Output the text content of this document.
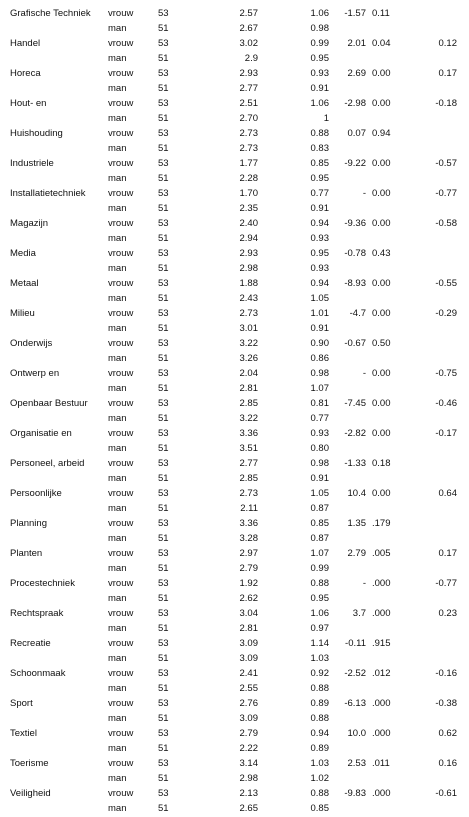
Grafische Techniek	vrouw	53	2.57	1.06	-1.57 0.11
man	51	2.67	0.98
Handel	vrouw	53	3.02	0.99	2.01 0.04	0.12
man	51	2.9	0.95
Horeca	vrouw	53	2.93	0.93	2.69 0.00	0.17
man	51	2.77	0.91
Hout- en	vrouw	53	2.51	1.06	-2.98 0.00	-0.18
man	51	2.70	1
Huishouding	vrouw	53	2.73	0.88	0.07 0.94
man	51	2.73	0.83
Industriele	vrouw	53	1.77	0.85	-9.22 0.00	-0.57
man	51	2.28	0.95
Installatietechniek	vrouw	53	1.70	0.77	- 0.00	-0.77
man	51	2.35	0.91
Magazijn	vrouw	53	2.40	0.94	-9.36 0.00	-0.58
man	51	2.94	0.93
Media	vrouw	53	2.93	0.95	-0.78 0.43
man	51	2.98	0.93
Metaal	vrouw	53	1.88	0.94	-8.93 0.00	-0.55
man	51	2.43	1.05
Milieu	vrouw	53	2.73	1.01	-4.7 0.00	-0.29
man	51	3.01	0.91
Onderwijs	vrouw	53	3.22	0.90	-0.67 0.50
man	51	3.26	0.86
Ontwerp en	vrouw	53	2.04	0.98	- 0.00	-0.75
man	51	2.81	1.07
Openbaar Bestuur	vrouw	53	2.85	0.81	-7.45 0.00	-0.46
man	51	3.22	0.77
Organisatie en	vrouw	53	3.36	0.93	-2.82 0.00	-0.17
man	51	3.51	0.80
Personeel, arbeid	vrouw	53	2.77	0.98	-1.33 0.18
man	51	2.85	0.91
Persoonlijke	vrouw	53	2.73	1.05	10.4 0.00	0.64
man	51	2.11	0.87
Planning	vrouw	53	3.36	0.85	1.35 .179
man	51	3.28	0.87
Planten	vrouw	53	2.97	1.07	2.79 .005	0.17
man	51	2.79	0.99
Procestechniek	vrouw	53	1.92	0.88	- .000	-0.77
man	51	2.62	0.95
Rechtspraak	vrouw	53	3.04	1.06	3.7 .000	0.23
man	51	2.81	0.97
Recreatie	vrouw	53	3.09	1.14	-0.11 .915
man	51	3.09	1.03
Schoonmaak	vrouw	53	2.41	0.92	-2.52 .012	-0.16
man	51	2.55	0.88
Sport	vrouw	53	2.76	0.89	-6.13 .000	-0.38
man	51	3.09	0.88
Textiel	vrouw	53	2.79	0.94	10.0 .000	0.62
man	51	2.22	0.89
Toerisme	vrouw	53	3.14	1.03	2.53 .011	0.16
man	51	2.98	1.02
Veiligheid	vrouw	53	2.13	0.88	-9.83 .000	-0.61
man	51	2.65	0.85
